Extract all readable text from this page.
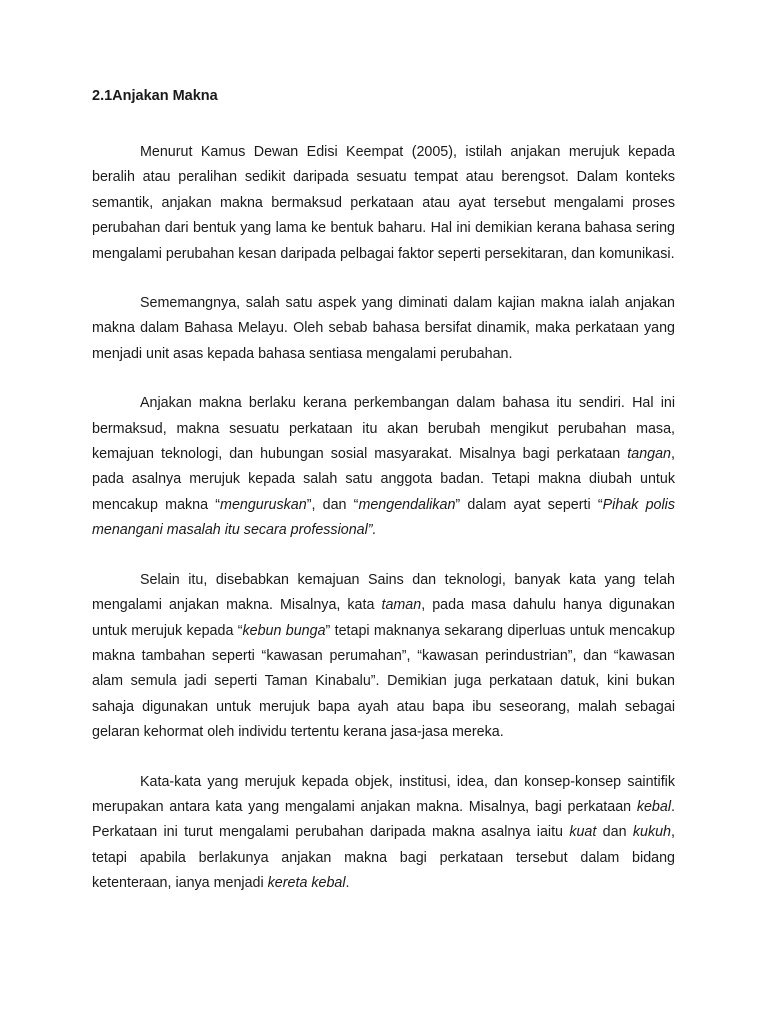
2.1Anjakan Makna

Menurut Kamus Dewan Edisi Keempat (2005), istilah anjakan merujuk kepada beralih atau peralihan sedikit daripada sesuatu tempat atau berengsot. Dalam konteks semantik, anjakan makna bermaksud perkataan atau ayat tersebut mengalami proses perubahan dari bentuk yang lama ke bentuk baharu. Hal ini demikian kerana bahasa sering mengalami perubahan kesan daripada pelbagai faktor seperti persekitaran, dan komunikasi.

Sememangnya, salah satu aspek yang diminati dalam kajian makna ialah anjakan makna dalam Bahasa Melayu. Oleh sebab bahasa bersifat dinamik, maka perkataan yang menjadi unit asas kepada bahasa sentiasa mengalami perubahan.

Anjakan makna berlaku kerana perkembangan dalam bahasa itu sendiri. Hal ini bermaksud, makna sesuatu perkataan itu akan berubah mengikut perubahan masa, kemajuan teknologi, dan hubungan sosial masyarakat. Misalnya bagi perkataan tangan, pada asalnya merujuk kepada salah satu anggota badan. Tetapi makna diubah untuk mencakup makna “menguruskan”, dan “mengendalikan” dalam ayat seperti “Pihak polis menangani masalah itu secara professional”.

Selain itu, disebabkan kemajuan Sains dan teknologi, banyak kata yang telah mengalami anjakan makna. Misalnya, kata taman, pada masa dahulu hanya digunakan untuk merujuk kepada “kebun bunga” tetapi maknanya sekarang diperluas untuk mencakup makna tambahan seperti “kawasan perumahan”, “kawasan perindustrian”, dan “kawasan alam semula jadi seperti Taman Kinabalu”. Demikian juga perkataan datuk, kini bukan sahaja digunakan untuk merujuk bapa ayah atau bapa ibu seseorang, malah sebagai gelaran kehormat oleh individu tertentu kerana jasa-jasa mereka.

Kata-kata yang merujuk kepada objek, institusi, idea, dan konsep-konsep saintifik merupakan antara kata yang mengalami anjakan makna. Misalnya, bagi perkataan kebal. Perkataan ini turut mengalami perubahan daripada makna asalnya iaitu kuat dan kukuh, tetapi apabila berlakunya anjakan makna bagi perkataan tersebut dalam bidang ketenteraan, ianya menjadi kereta kebal.
